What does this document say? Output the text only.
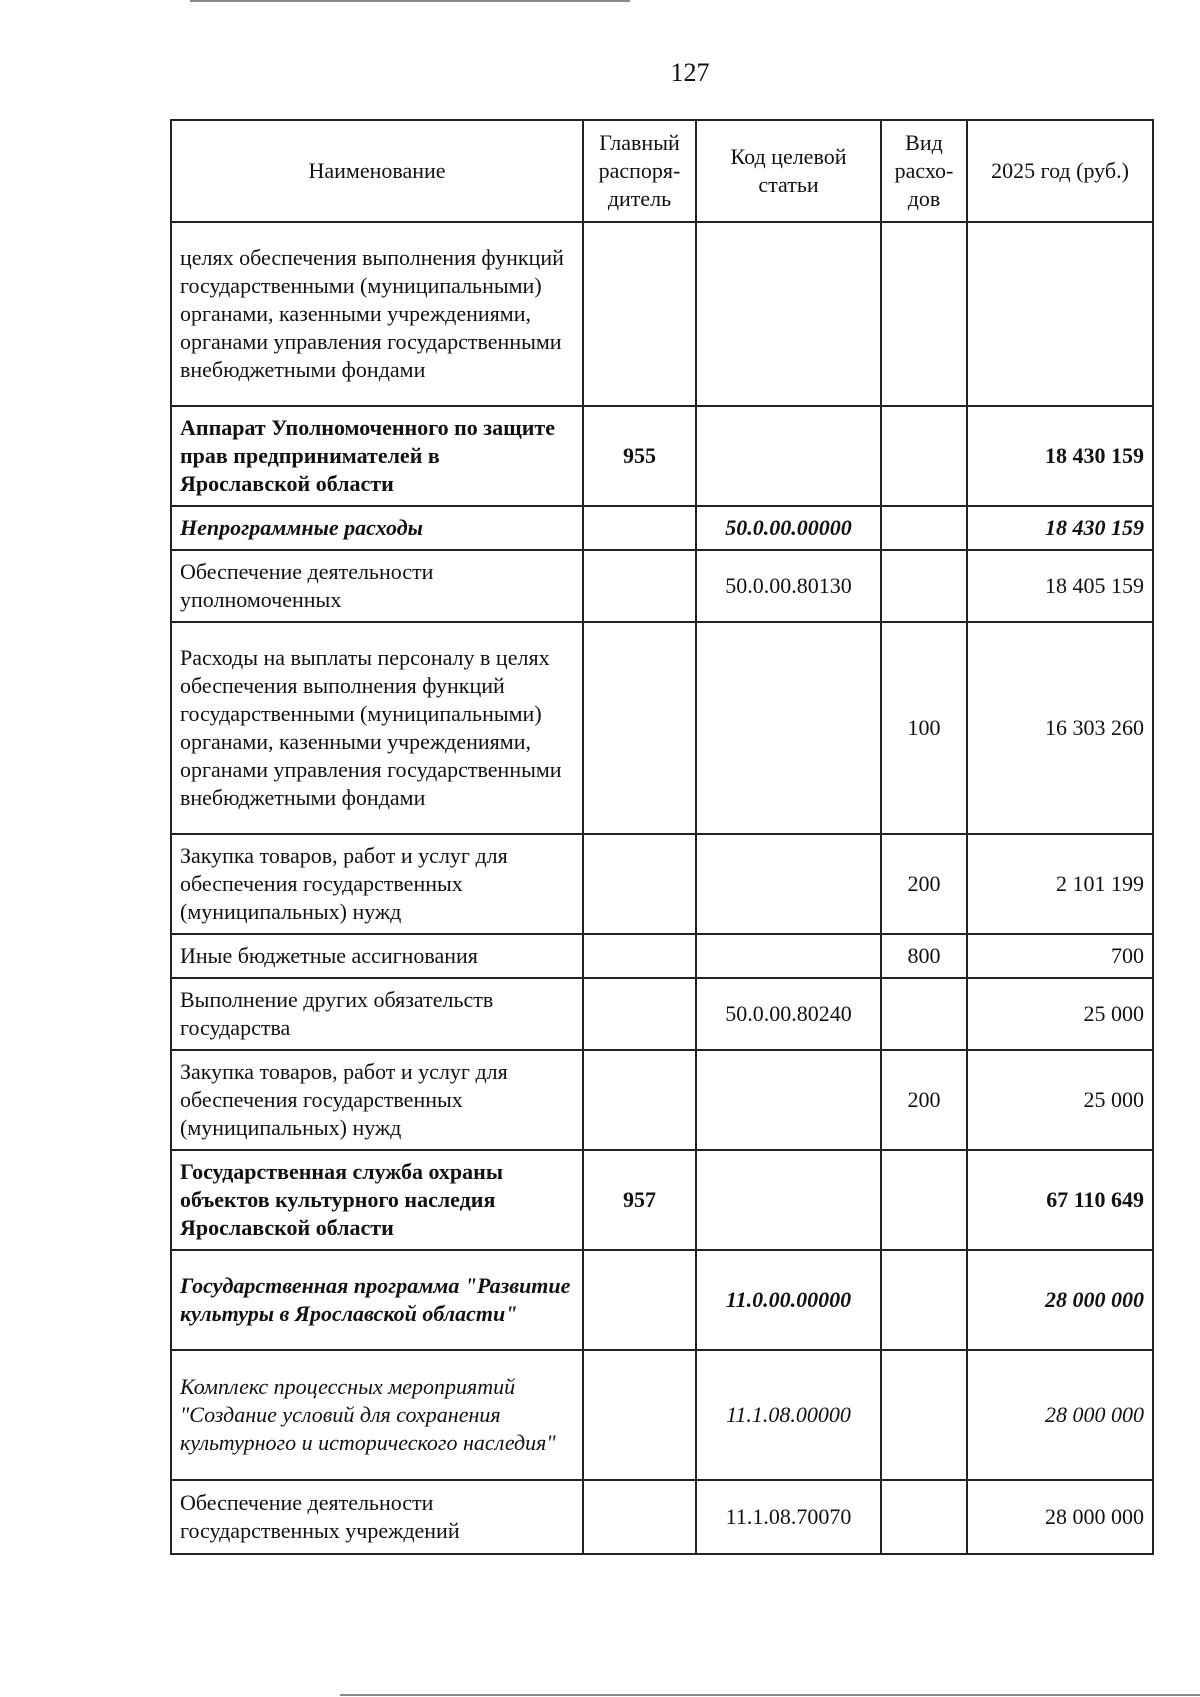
127
Наименование	Главный распоря-дитель	Код целевой статьи	Вид расхо-дов	2025 год (руб.)
целях обеспечения выполнения функций государственными (муниципальными) органами, казенными учреждениями, органами управления государственными внебюджетными фондами				
Аппарат Уполномоченного по защите прав предпринимателей в Ярославской области	955			18 430 159
Непрограммные расходы		50.0.00.00000		18 430 159
Обеспечение деятельности уполномоченных		50.0.00.80130		18 405 159
Расходы на выплаты персоналу в целях обеспечения выполнения функций государственными (муниципальными) органами, казенными учреждениями, органами управления государственными внебюджетными фондами			100	16 303 260
Закупка товаров, работ и услуг для обеспечения государственных (муниципальных) нужд			200	2 101 199
Иные бюджетные ассигнования			800	700
Выполнение других обязательств государства		50.0.00.80240		25 000
Закупка товаров, работ и услуг для обеспечения государственных (муниципальных) нужд			200	25 000
Государственная служба охраны объектов культурного наследия Ярославской области	957			67 110 649
Государственная программа "Развитие культуры в Ярославской области"		11.0.00.00000		28 000 000
Комплекс процессных мероприятий "Создание условий для сохранения культурного и исторического наследия"		11.1.08.00000		28 000 000
Обеспечение деятельности государственных учреждений		11.1.08.70070		28 000 000
